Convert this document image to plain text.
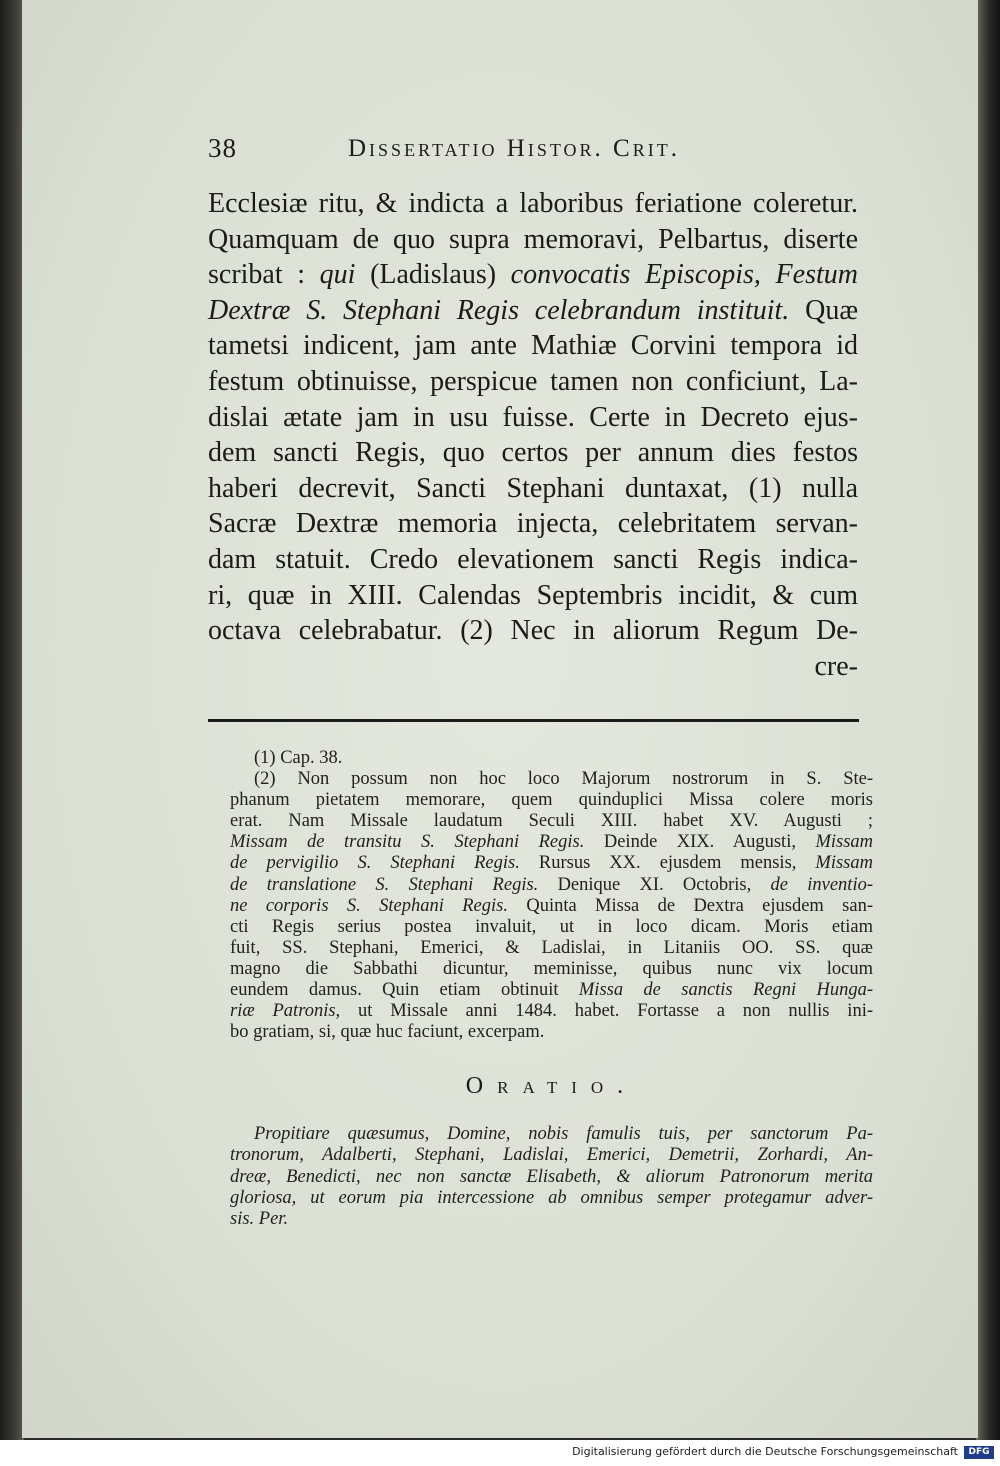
38	Dissertatio Histor. Crit.
Ecclesiæ ritu, & indicta a laboribus feriatione coleretur.
Quamquam de quo supra memoravi, Pelbartus, diserte
scribat : qui (Ladislaus) convocatis Episcopis, Festum
Dextræ S. Stephani Regis celebrandum instituit. Quæ
tametsi indicent, jam ante Mathiæ Corvini tempora id
festum obtinuisse, perspicue tamen non conficiunt, La-
dislai ætate jam in usu fuisse. Certe in Decreto ejus-
dem sancti Regis, quo certos per annum dies festos
haberi decrevit, Sancti Stephani duntaxat, (1) nulla
Sacræ Dextræ memoria injecta, celebritatem servan-
dam statuit. Credo elevationem sancti Regis indica-
ri, quæ in XIII. Calendas Septembris incidit, & cum
octava celebrabatur. (2) Nec in aliorum Regum De-
cre-
(1) Cap. 38.
(2) Non possum non hoc loco Majorum nostrorum in S. Ste-
phanum pietatem memorare, quem quinduplici Missa colere moris
erat. Nam Missale laudatum Seculi XIII. habet XV. Augusti ;
Missam de transitu S. Stephani Regis. Deinde XIX. Augusti, Missam
de pervigilio S. Stephani Regis. Rursus XX. ejusdem mensis, Missam
de translatione S. Stephani Regis. Denique XI. Octobris, de inventio-
ne corporis S. Stephani Regis. Quinta Missa de Dextra ejusdem san-
cti Regis serius postea invaluit, ut in loco dicam. Moris etiam
fuit, SS. Stephani, Emerici, & Ladislai, in Litaniis OO. SS. quæ
magno die Sabbathi dicuntur, meminisse, quibus nunc vix locum
eundem damus. Quin etiam obtinuit Missa de sanctis Regni Hunga-
riæ Patronis, ut Missale anni 1484. habet. Fortasse a non nullis ini-
bo gratiam, si, quæ huc faciunt, excerpam.
Oratio.
Propitiare quæsumus, Domine, nobis famulis tuis, per sanctorum Pa-
tronorum, Adalberti, Stephani, Ladislai, Emerici, Demetrii, Zorhardi, An-
dreæ, Benedicti, nec non sanctæ Elisabeth, & aliorum Patronorum merita
gloriosa, ut eorum pia intercessione ab omnibus semper protegamur adver-
sis. Per.
Digitalisierung gefördert durch die Deutsche Forschungsgemeinschaft	DFG
